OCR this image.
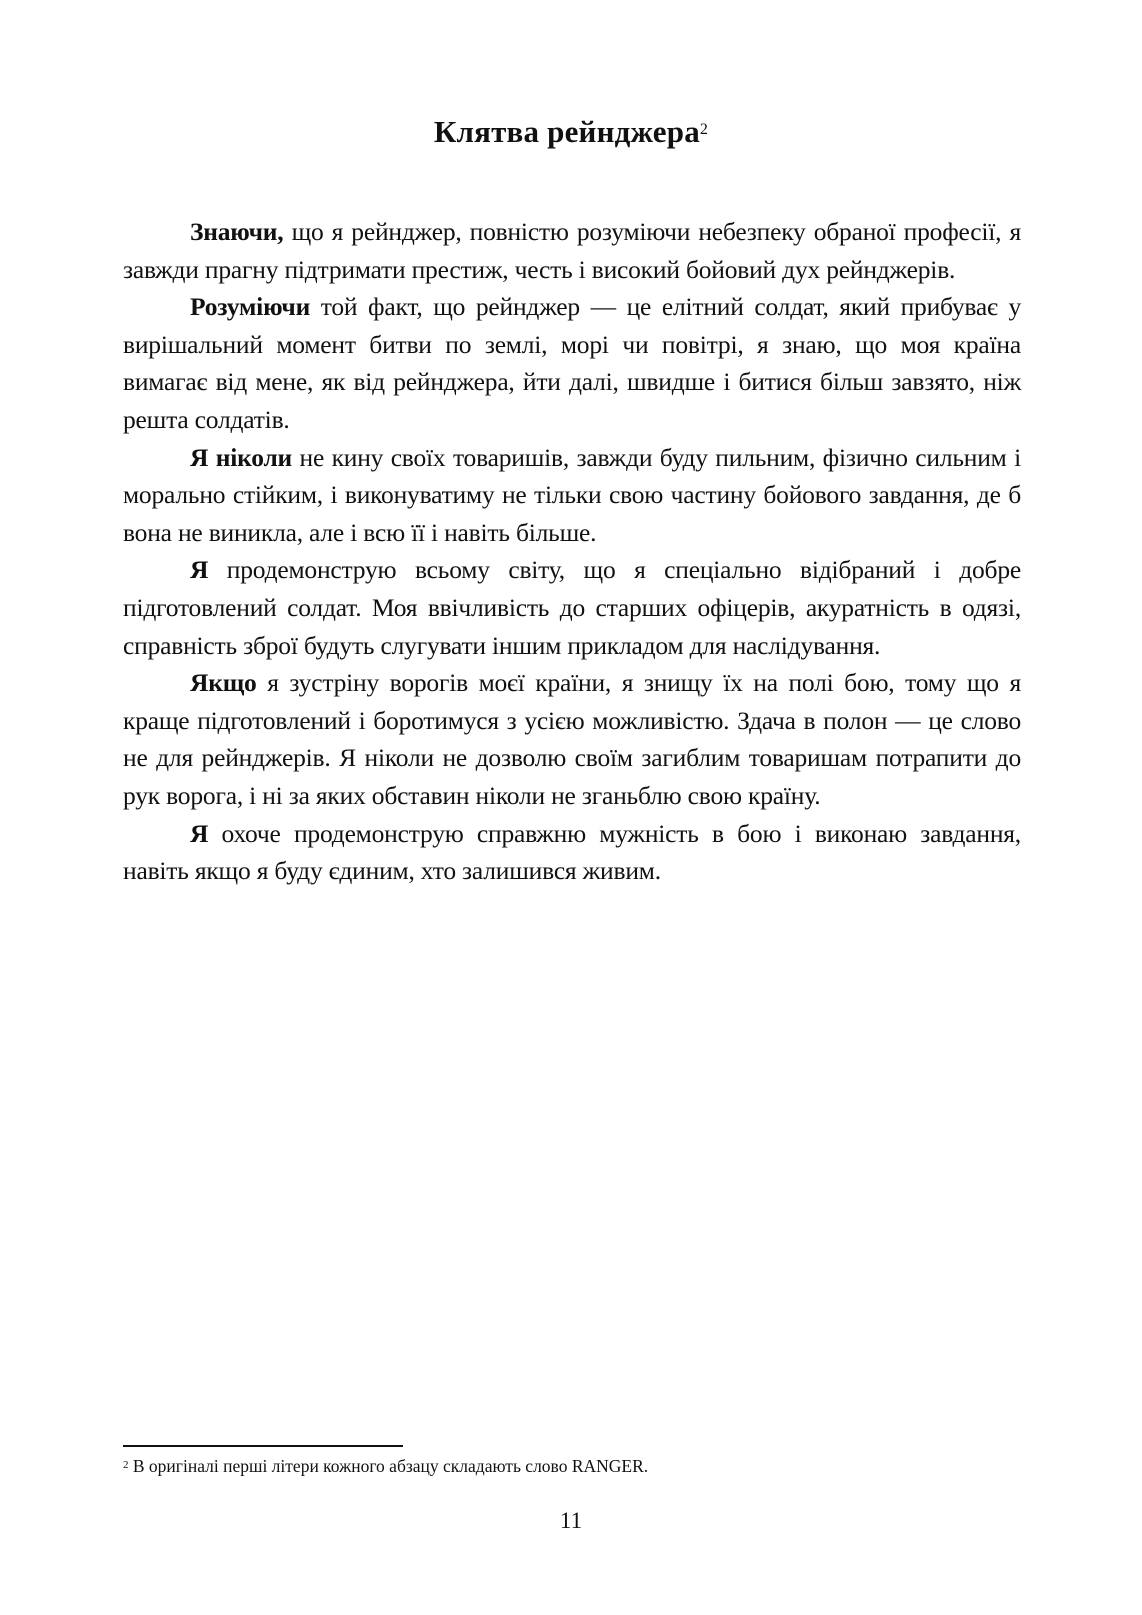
Клятва рейнджера$^2$

Знаючи, що я рейнджер, повністю розуміючи небезпеку обраної професії, я завжди прагну підтримати престиж, честь і високий бойовий дух рейнджерів.

Розуміючи той факт, що рейнджер — це елітний солдат, який прибуває у вирішальний момент битви по землі, морі чи повітрі, я знаю, що моя країна вимагає від мене, як від рейнджера, йти далі, швидше і битися більш завзято, ніж решта солдатів.

Я ніколи не кину своїх товаришів, завжди буду пильним, фізично сильним і морально стійким, і виконуватиму не тільки свою частину бойового завдання, де б вона не виникла, але і всю її і навіть більше.

Я продемонструю всьому світу, що я спеціально відібраний і добре підготовлений солдат. Моя ввічливість до старших офіцерів, акуратність в одязі, справність зброї будуть слугувати іншим прикладом для наслідування.

Якщо я зустріну ворогів моєї країни, я знищу їх на полі бою, тому що я краще підготовлений і боротимуся з усією можливістю. Здача в полон — це слово не для рейнджерів. Я ніколи не дозволю своїм загиблим товаришам потрапити до рук ворога, і ні за яких обставин ніколи не зганьблю свою країну.

Я охоче продемонструю справжню мужність в бою і виконаю завдання, навіть якщо я буду єдиним, хто залишився живим.

$^2$ В оригіналі перші літери кожного абзацу складають слово RANGER.
11
